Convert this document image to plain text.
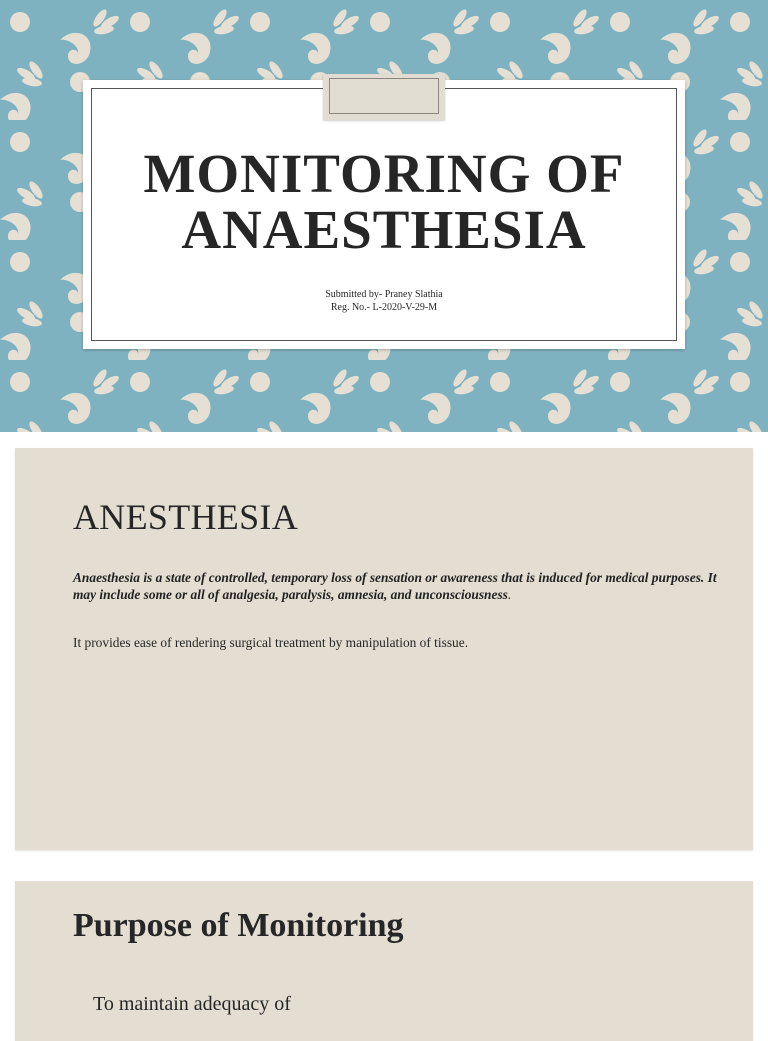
MONITORING OF
ANAESTHESIA
Submitted by- Praney Slathia
Reg. No.- L-2020-V-29-M
ANESTHESIA
Anaesthesia is a state of controlled, temporary loss of sensation or awareness that is induced for medical purposes. It may include some or all of analgesia, paralysis, amnesia, and unconsciousness.
It provides ease of rendering surgical treatment by manipulation of tissue.
Purpose of Monitoring
To maintain adequacy of
